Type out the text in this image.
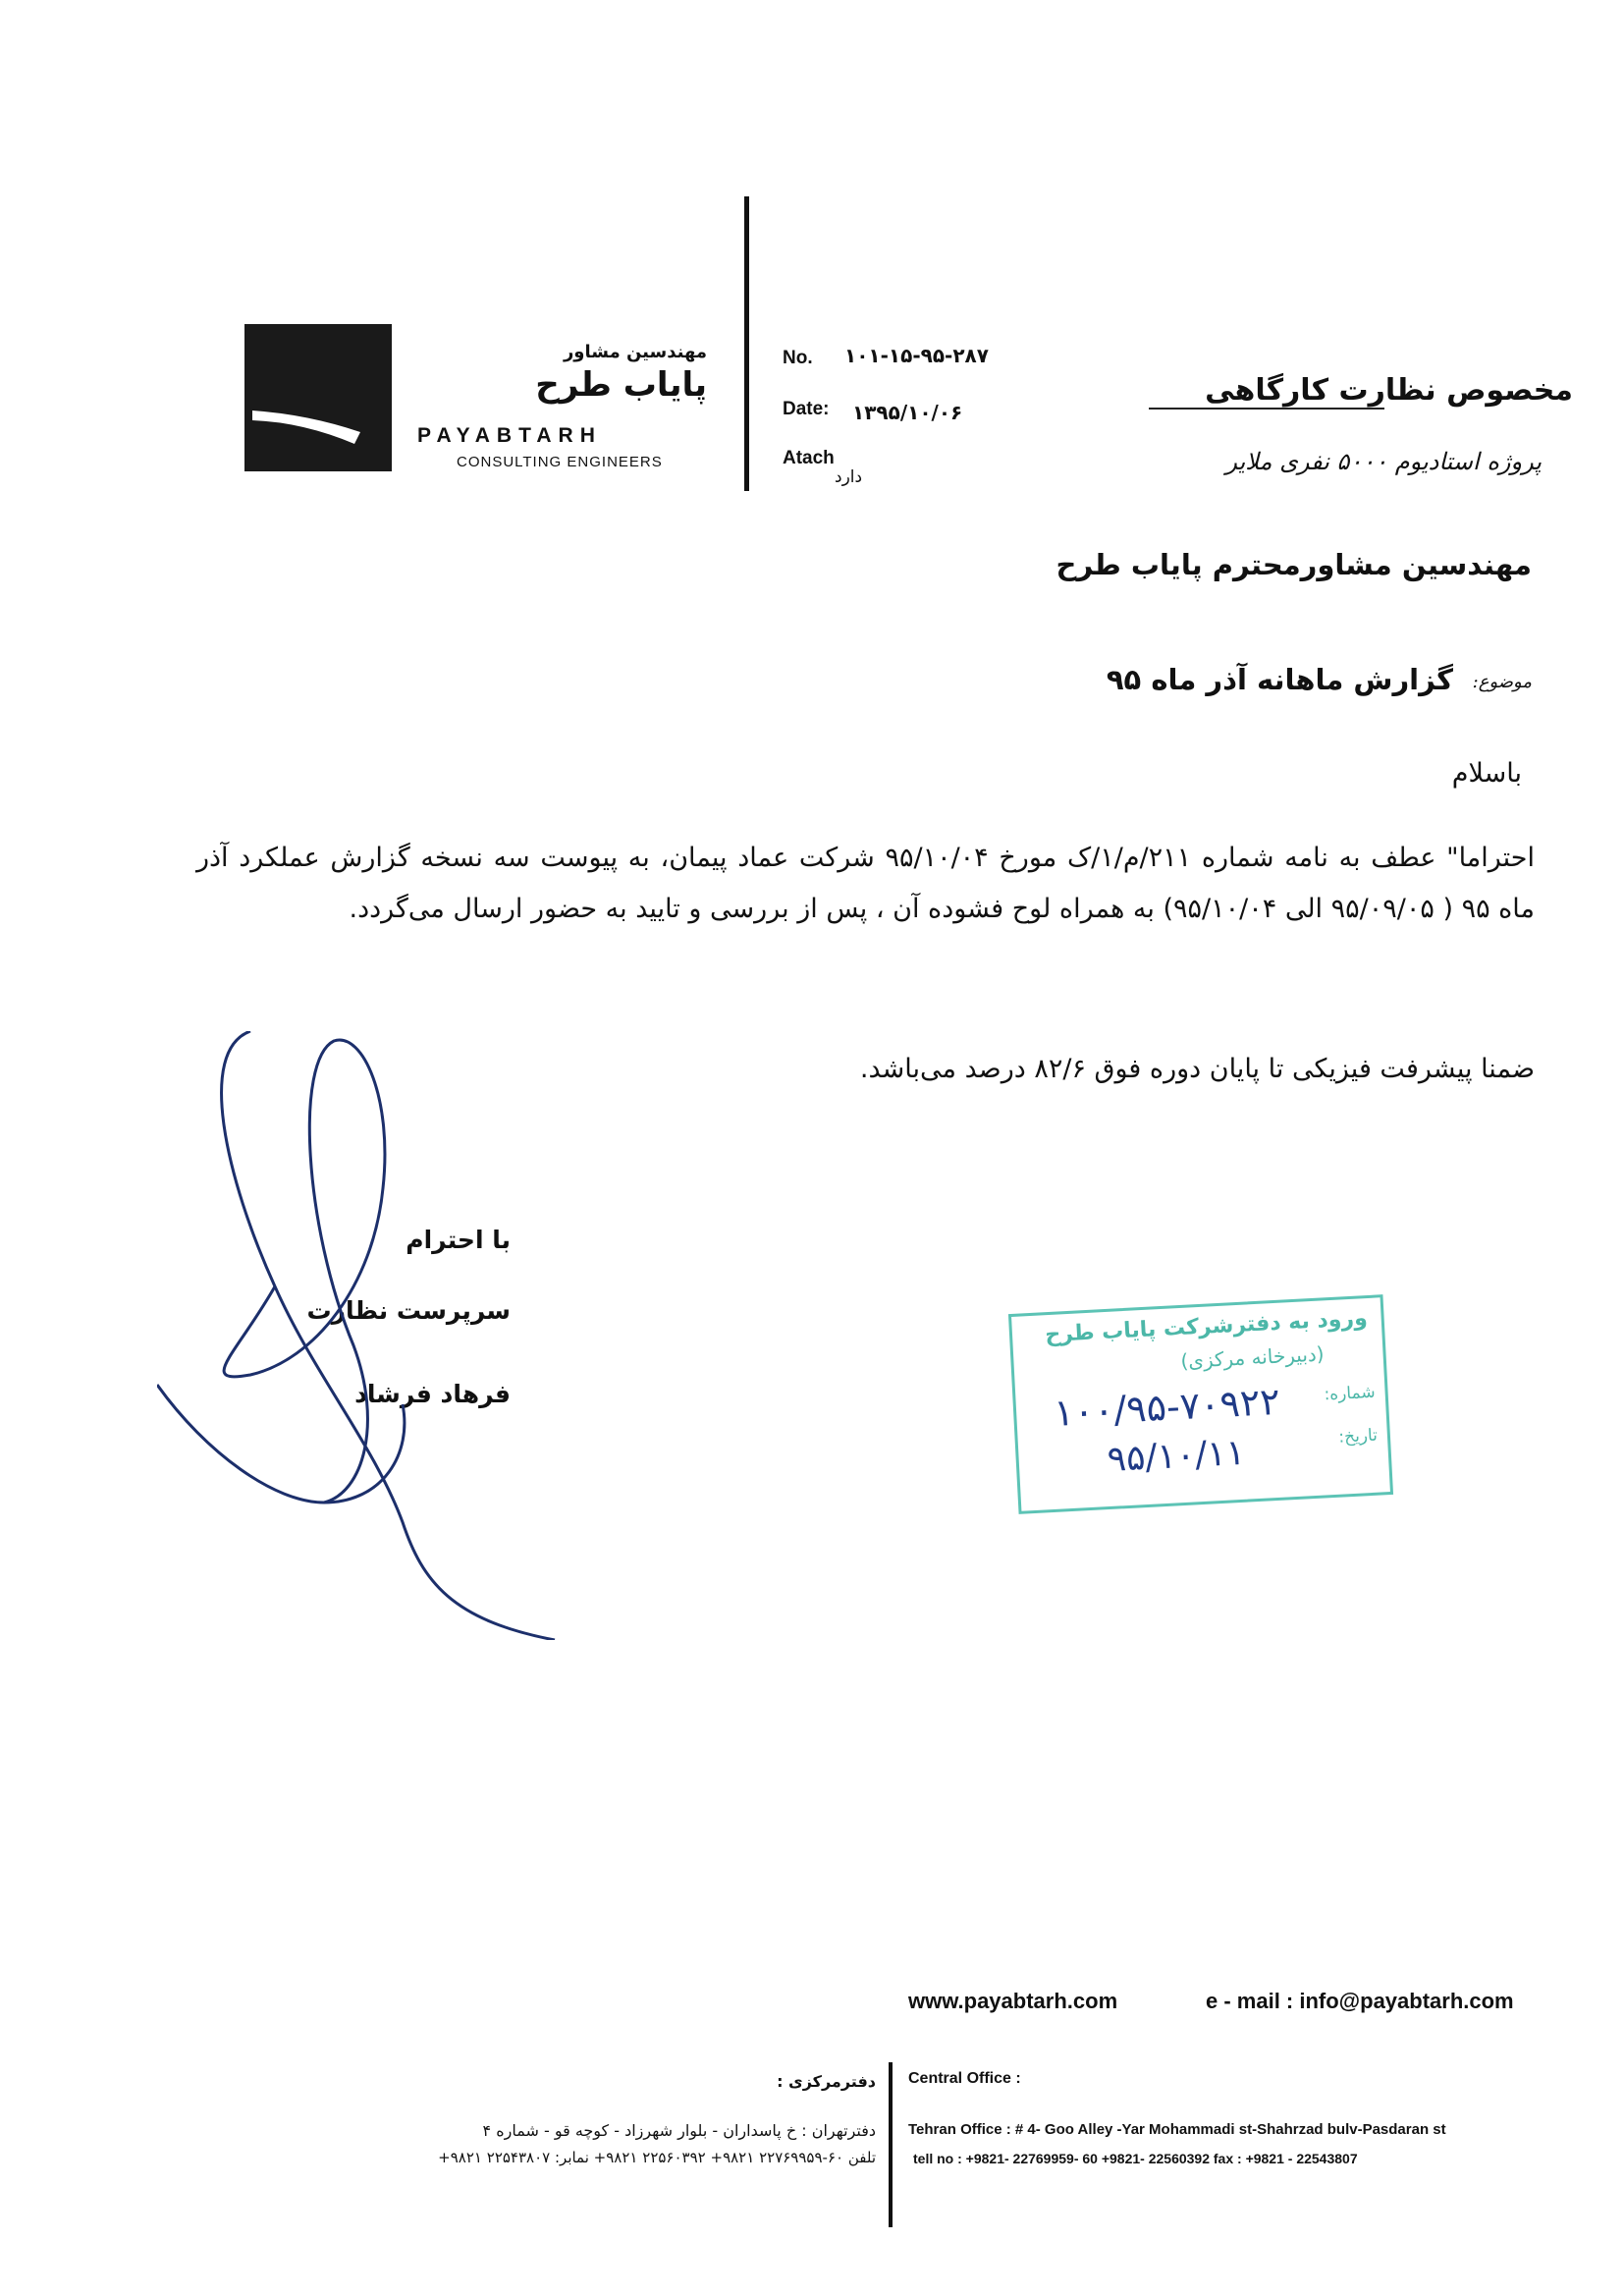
مهندسین مشاور
پایاب طرح
PAYABTARH
CONSULTING ENGINEERS
No. ۱۰۱-۱۵-۹۵-۲۸۷
Date: ۱۳۹۵/۱۰/۰۶
Atach
دارد
مخصوص نظارت کارگاهی
پروژه استادیوم ۵۰۰۰ نفری ملایر
مهندسین مشاورمحترم پایاب طرح
موضوع:
گزارش ماهانه آذر ماه ۹۵
باسلام
احتراما" عطف به نامه شماره ۲۱۱/م/۱/ک مورخ ۹۵/۱۰/۰۴ شرکت عماد پیمان، به پیوست سه نسخه گزارش عملکرد آذر ماه ۹۵ ( ۹۵/۰۹/۰۵ الی ۹۵/۱۰/۰۴) به همراه لوح فشوده آن ، پس از بررسی و تایید به حضور ارسال می‌گردد.
ضمنا پیشرفت فیزیکی تا پایان دوره فوق ۸۲/۶ درصد می‌باشد.
با احترام
سرپرست نظارت
فرهاد فرشاد
ورود به دفترشرکت پایاب طرح
(دبیرخانه مرکزی)
شماره:
تاریخ:
۱۰۰/۹۵-۷۰۹۲۲
۹۵/۱۰/۱۱
www.payabtarh.com	e - mail : info@payabtarh.com
دفترمرکزی : Central Office :
دفترتهران : خ پاسداران - بلوار شهرزاد - کوچه قو - شماره ۴
تلفن ۶۰-۲۲۷۶۹۹۵۹ ۹۸۲۱+ ۲۲۵۶۰۳۹۲ ۹۸۲۱+ نمابر: ۲۲۵۴۳۸۰۷ ۹۸۲۱+
Tehran Office : # 4- Goo Alley -Yar Mohammadi st-Shahrzad bulv-Pasdaran st
tell no : +9821- 22769959- 60 +9821- 22560392 fax : +9821 - 22543807
